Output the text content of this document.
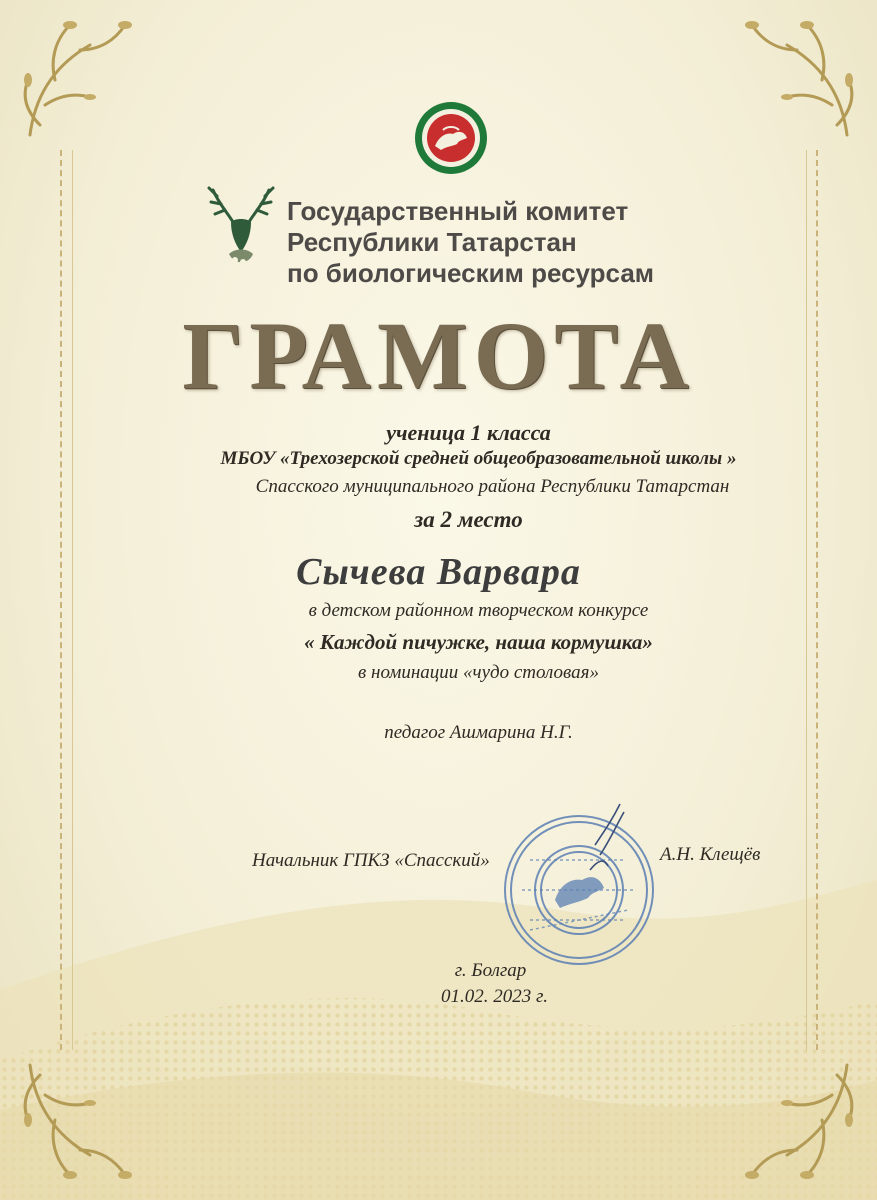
Государственный комитет
Республики Татарстан
по биологическим ресурсам
ГРАМОТА
ученица 1 класса
МБОУ «Трехозерской средней общеобразовательной школы »
Спасского муниципального района Республики Татарстан
за 2 место
Сычева Варвара
в детском районном творческом конкурсе
« Каждой пичужке, наша кормушка»
в номинации «чудо столовая»
педагог Ашмарина Н.Г.
Начальник ГПКЗ «Спасский»	А.Н. Клещёв
г. Болгар
01.02. 2023 г.
